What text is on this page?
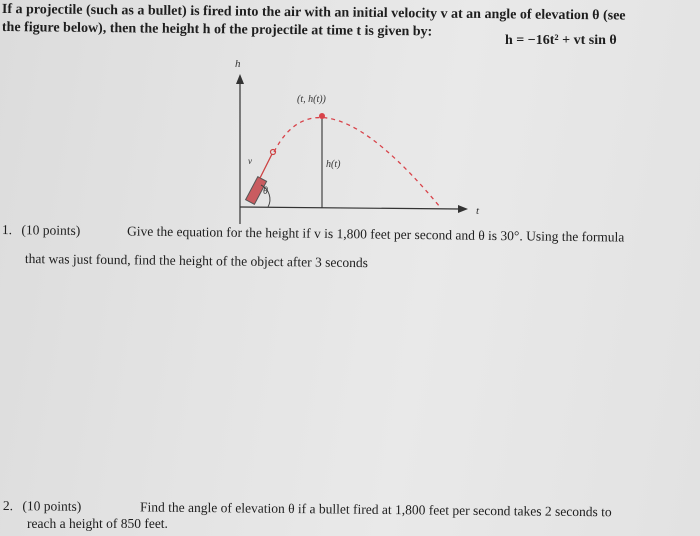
If a projectile (such as a bullet) is fired into the air with an initial velocity v at an angle of elevation θ (see
the figure below), then the height h of the projectile at time t is given by:
h = −16t² + vt sin θ
h
t
θ
v
(t, h(t))
h(t)
1. (10 points)	Give the equation for the height if v is 1,800 feet per second and θ is 30°. Using the formula
that was just found, find the height of the object after 3 seconds
2. (10 points)	Find the angle of elevation θ if a bullet fired at 1,800 feet per second takes 2 seconds to
reach a height of 850 feet.
